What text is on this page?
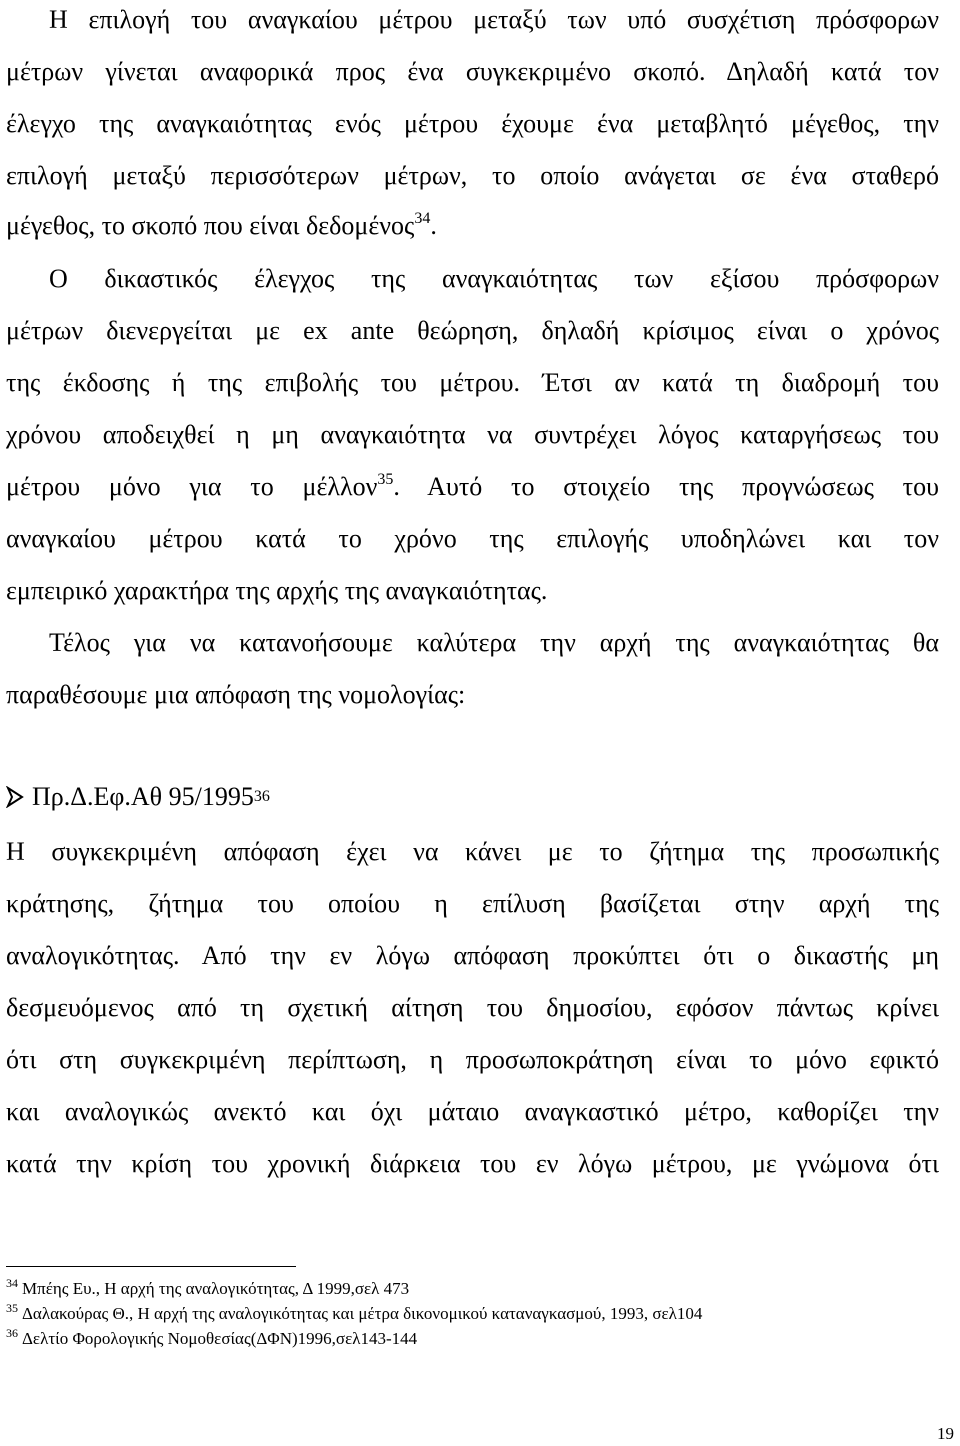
Η επιλογή του αναγκαίου μέτρου μεταξύ των υπό συσχέτιση πρόσφορων
μέτρων γίνεται αναφορικά προς ένα συγκεκριμένο σκοπό. Δηλαδή κατά τον
έλεγχο της αναγκαιότητας ενός μέτρου έχουμε ένα μεταβλητό μέγεθος, την
επιλογή μεταξύ περισσότερων μέτρων, το οποίο ανάγεται σε ένα σταθερό
μέγεθος, το σκοπό που είναι δεδομένος$^{34}$.
Ο δικαστικός έλεγχος της αναγκαιότητας των εξίσου πρόσφορων
μέτρων διενεργείται με ex ante θεώρηση, δηλαδή κρίσιμος είναι ο χρόνος
της έκδοσης ή της επιβολής του μέτρου. Έτσι αν κατά τη διαδρομή του
χρόνου αποδειχθεί η μη αναγκαιότητα να συντρέχει λόγος καταργήσεως του
μέτρου μόνο για το μέλλον$^{35}$. Αυτό το στοιχείο της προγνώσεως του
αναγκαίου μέτρου κατά το χρόνο της επιλογής υποδηλώνει και τον
εμπειρικό χαρακτήρα της αρχής της αναγκαιότητας.
Τέλος για να κατανοήσουμε καλύτερα την αρχή της αναγκαιότητας θα
παραθέσουμε μια απόφαση της νομολογίας:
Πρ.Δ.Εφ.Αθ 95/1995 36
Η συγκεκριμένη απόφαση έχει να κάνει με το ζήτημα της προσωπικής
κράτησης, ζήτημα του οποίου η επίλυση βασίζεται στην αρχή της
αναλογικότητας. Από την εν λόγω απόφαση προκύπτει ότι ο δικαστής μη
δεσμευόμενος από τη σχετική αίτηση του δημοσίου, εφόσον πάντως κρίνει
ότι στη συγκεκριμένη περίπτωση, η προσωποκράτηση είναι το μόνο εφικτό
και αναλογικώς ανεκτό και όχι μάταιο αναγκαστικό μέτρο, καθορίζει την
κατά την κρίση του χρονική διάρκεια του εν λόγω μέτρου, με γνώμονα ότι
$^{34}$ Μπέης Ευ., Η αρχή της αναλογικότητας, Δ 1999,σελ 473
$^{35}$ Δαλακούρας Θ., Η αρχή της αναλογικότητας και μέτρα δικονομικού καταναγκασμού, 1993, σελ104
$^{36}$ Δελτίο Φορολογικής Νομοθεσίας(ΔΦΝ)1996,σελ143-144
19
